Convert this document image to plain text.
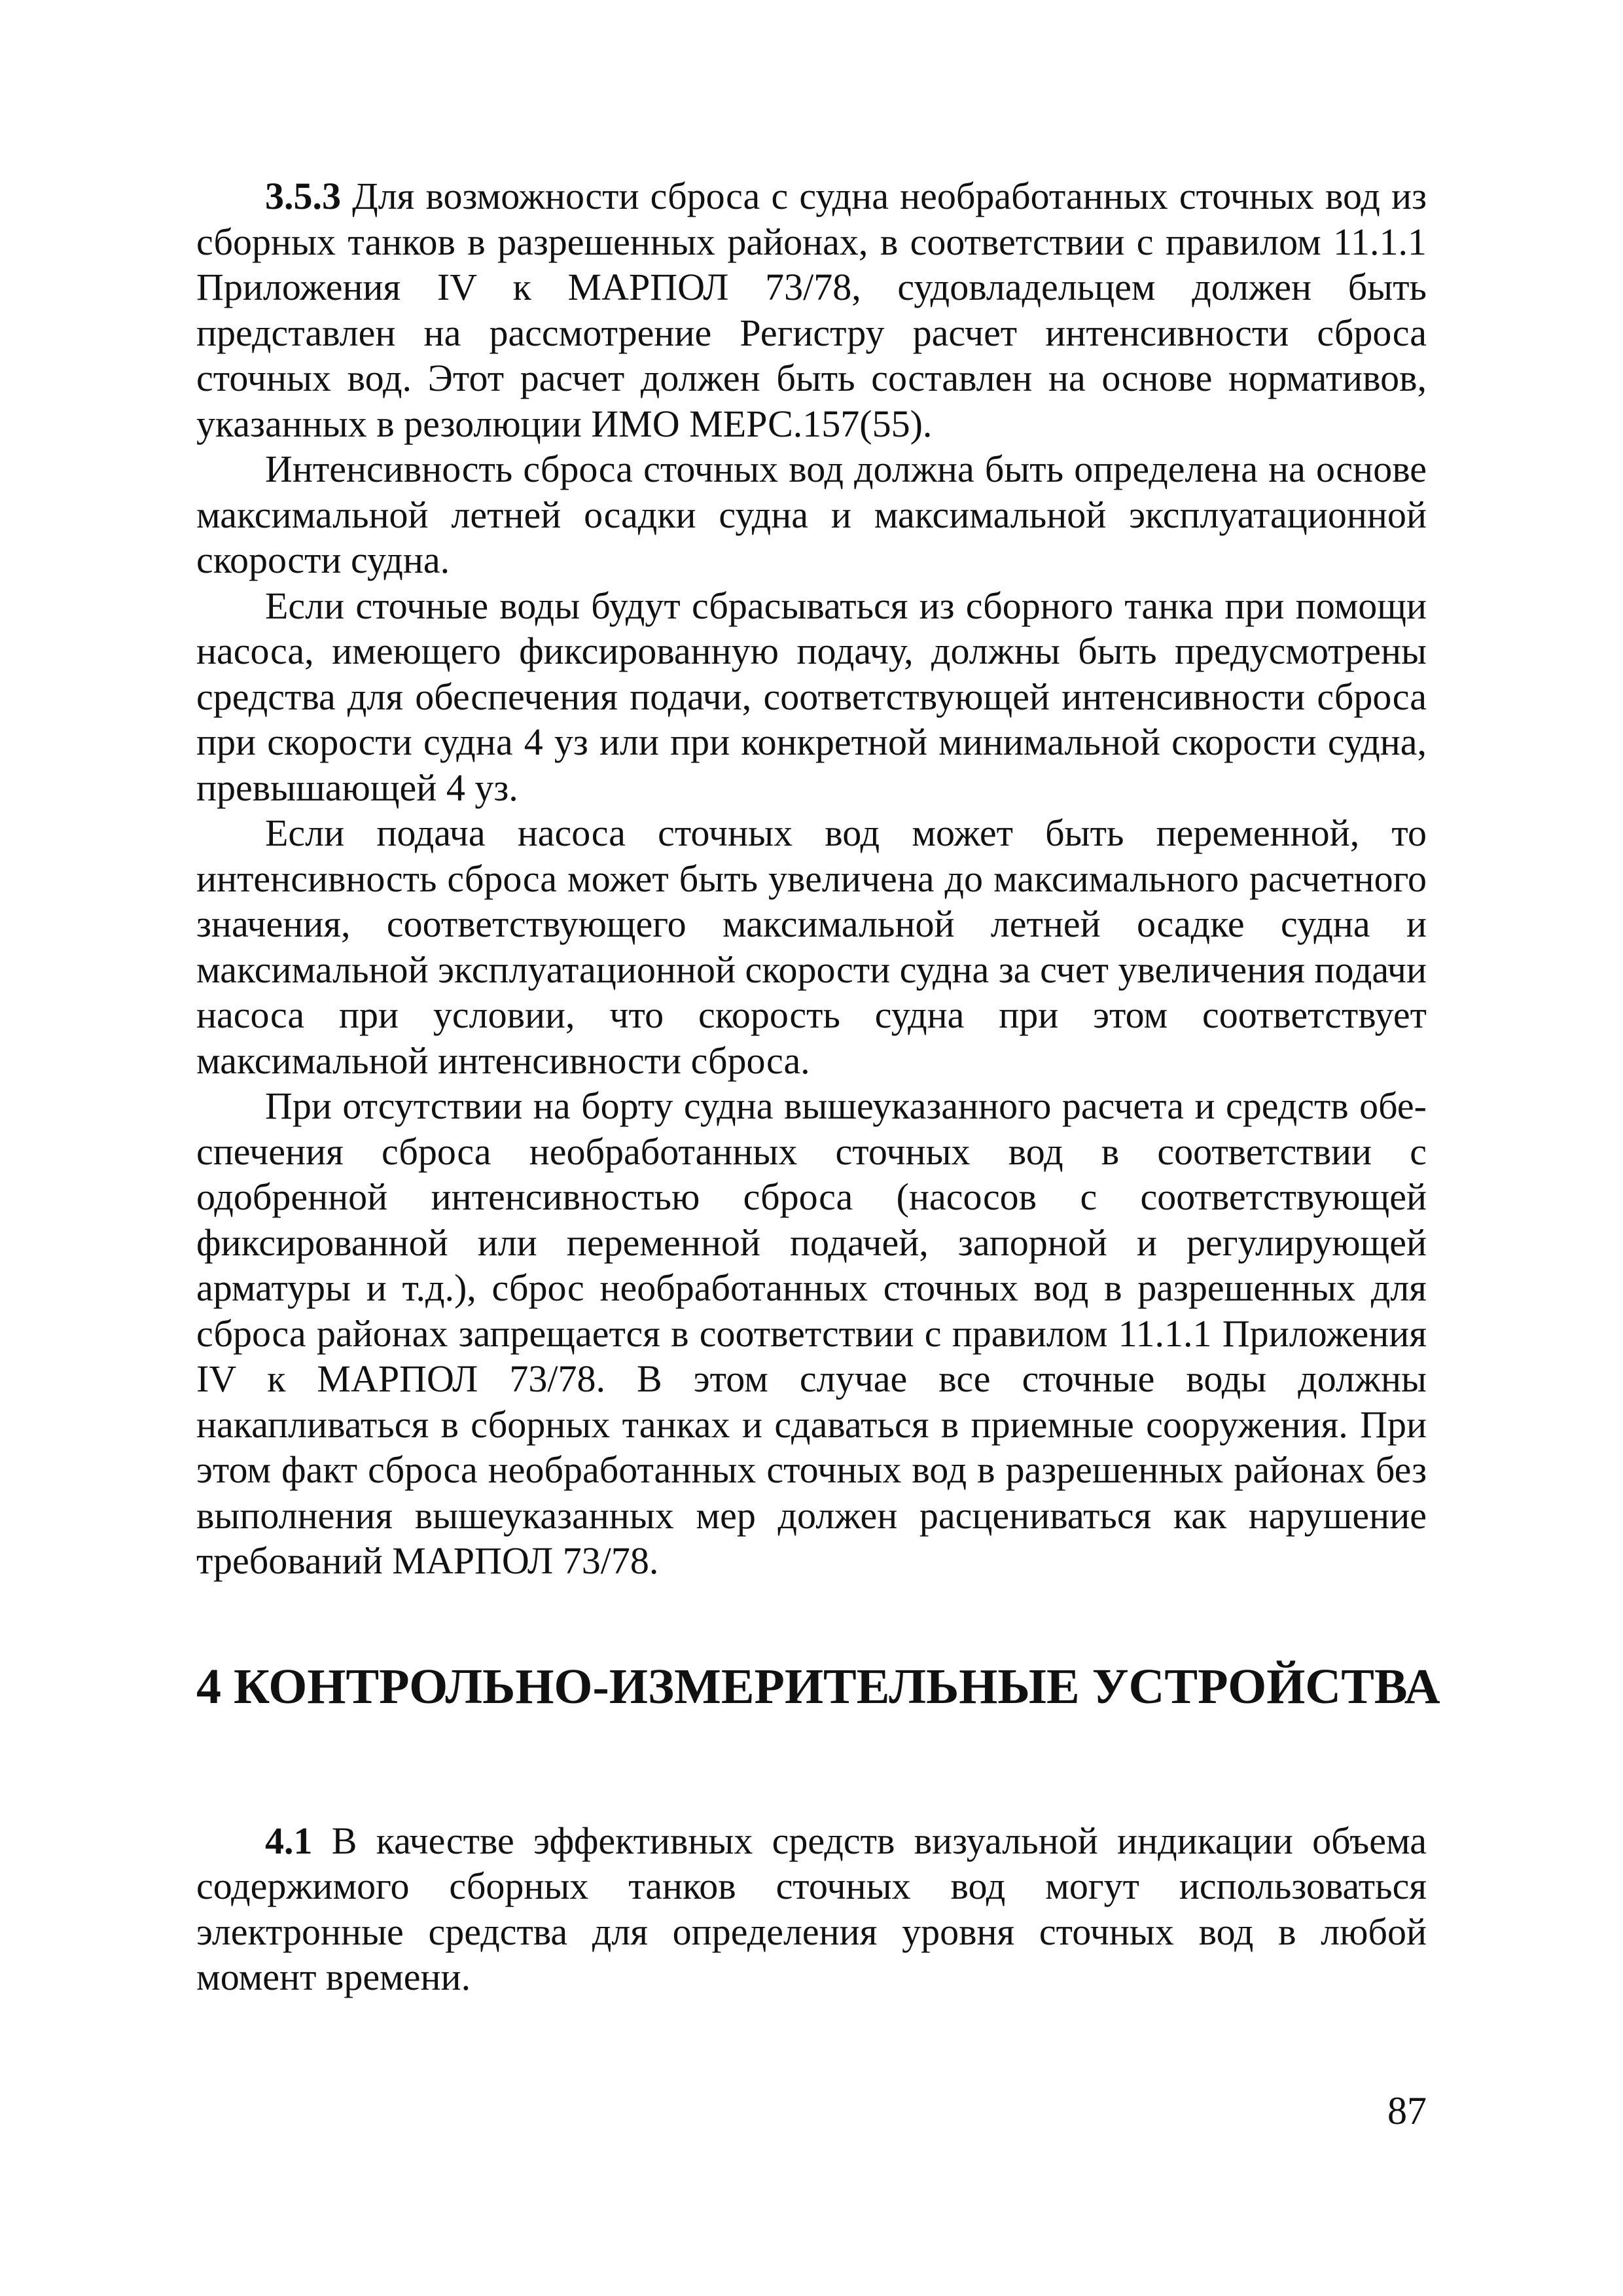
3.5.3 Для возможности сброса с судна необработанных сточных вод из сборных танков в разрешенных районах, в соответствии с правилом 11.1.1 Приложения IV к МАРПОЛ 73/78, судовладельцем должен быть представлен на рассмотрение Регистру расчет интенсивности сброса сточных вод. Этот расчет должен быть составлен на основе нормативов, указанных в резолюции ИМО МЕРС.157(55).

Интенсивность сброса сточных вод должна быть определена на основе максимальной летней осадки судна и максимальной эксплуатационной скорости судна.

Если сточные воды будут сбрасываться из сборного танка при помощи насоса, имеющего фиксированную подачу, должны быть предусмотрены средства для обеспечения подачи, соответствующей интенсивности сброса при скорости судна 4 уз или при конкретной минимальной скорости судна, превышающей 4 уз.

Если подача насоса сточных вод может быть переменной, то интенсивность сброса может быть увеличена до максимального расчетного значения, соответствующего максимальной летней осадке судна и максимальной эксплуатационной скорости судна за счет увеличения подачи насоса при условии, что скорость судна при этом соответствует максимальной интенсивности сброса.

При отсутствии на борту судна вышеуказанного расчета и средств обеспечения сброса необработанных сточных вод в соответствии с одобренной интенсивностью сброса (насосов с соответствующей фиксированной или переменной подачей, запорной и регулирующей арматуры и т.д.), сброс необработанных сточных вод в разрешенных для сброса районах запрещается в соответствии с правилом 11.1.1 Приложения IV к МАРПОЛ 73/78. В этом случае все сточные воды должны накапливаться в сборных танках и сдаваться в приемные сооружения. При этом факт сброса необработанных сточных вод в разрешенных районах без выполнения вышеуказанных мер должен расцениваться как нарушение требований МАРПОЛ 73/78.

4 КОНТРОЛЬНО-ИЗМЕРИТЕЛЬНЫЕ УСТРОЙСТВА

4.1 В качестве эффективных средств визуальной индикации объема содержимого сборных танков сточных вод могут использоваться электронные средства для определения уровня сточных вод в любой момент времени.

87
